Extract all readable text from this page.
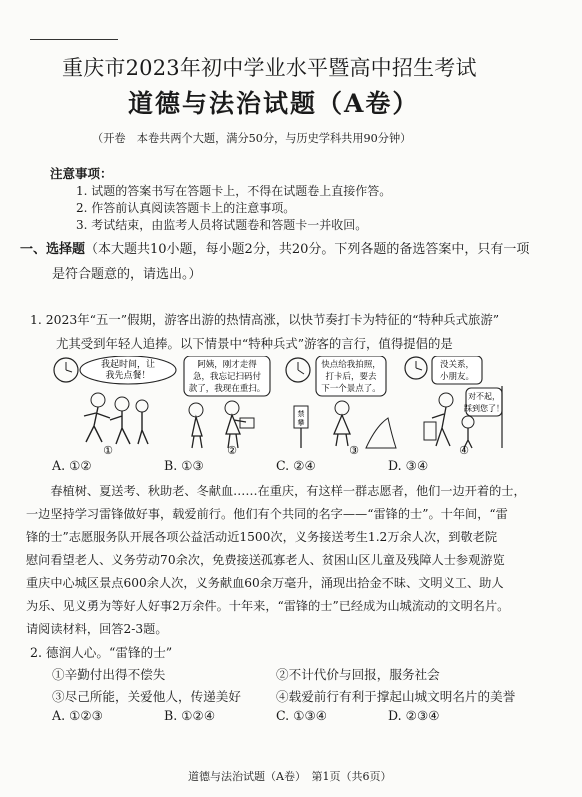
重庆市2023年初中学业水平暨高中招生考试
道德与法治试题（A卷）
（开卷　本卷共两个大题，满分50分，与历史学科共用90分钟）
注意事项：
1. 试题的答案书写在答题卡上，不得在试题卷上直接作答。
2. 作答前认真阅读答题卡上的注意事项。
3. 考试结束，由监考人员将试题卷和答题卡一并收回。
一、选择题（本大题共10小题，每小题2分，共20分。下列各题的备选答案中，只有一项
是符合题意的，请选出。）
1. 2023年“五一”假期，游客出游的热情高涨，以快节奏打卡为特征的“特种兵式旅游”
尤其受到年轻人追捧。以下情景中“特种兵式”游客的言行，值得提倡的是
我起时间，让
我先点餐！
①
阿姨，刚才走得
急，我忘记扫码付
款了，我现在重扫。
②
快点给我拍照，
打卡后，要去
下一个景点了。
禁
攀
③
没关系，
小朋友。
对不起，
踩到您了！
④
A. ①②	B. ①③	C. ②④	D. ③④
　　春植树、夏送考、秋助老、冬献血……在重庆，有这样一群志愿者，他们一边开着的士，
一边坚持学习雷锋做好事，载爱前行。他们有个共同的名字——“雷锋的士”。十年间，“雷
锋的士”志愿服务队开展各项公益活动近1500次，义务接送考生1.2万余人次，到敬老院
慰问看望老人、义务劳动70余次，免费接送孤寡老人、贫困山区儿童及残障人士参观游览
重庆中心城区景点600余人次，义务献血60余万毫升，涌现出拾金不昧、文明义工、助人
为乐、见义勇为等好人好事2万余件。十年来，“雷锋的士”已经成为山城流动的文明名片。
请阅读材料，回答2-3题。
2. 德润人心。“雷锋的士”
①辛勤付出得不偿失	②不计代价与回报，服务社会
③尽己所能，关爱他人，传递美好	④载爱前行有利于撑起山城文明名片的美誉
A. ①②③	B. ①②④	C. ①③④	D. ②③④
道德与法治试题（A卷）　第1页（共6页）
